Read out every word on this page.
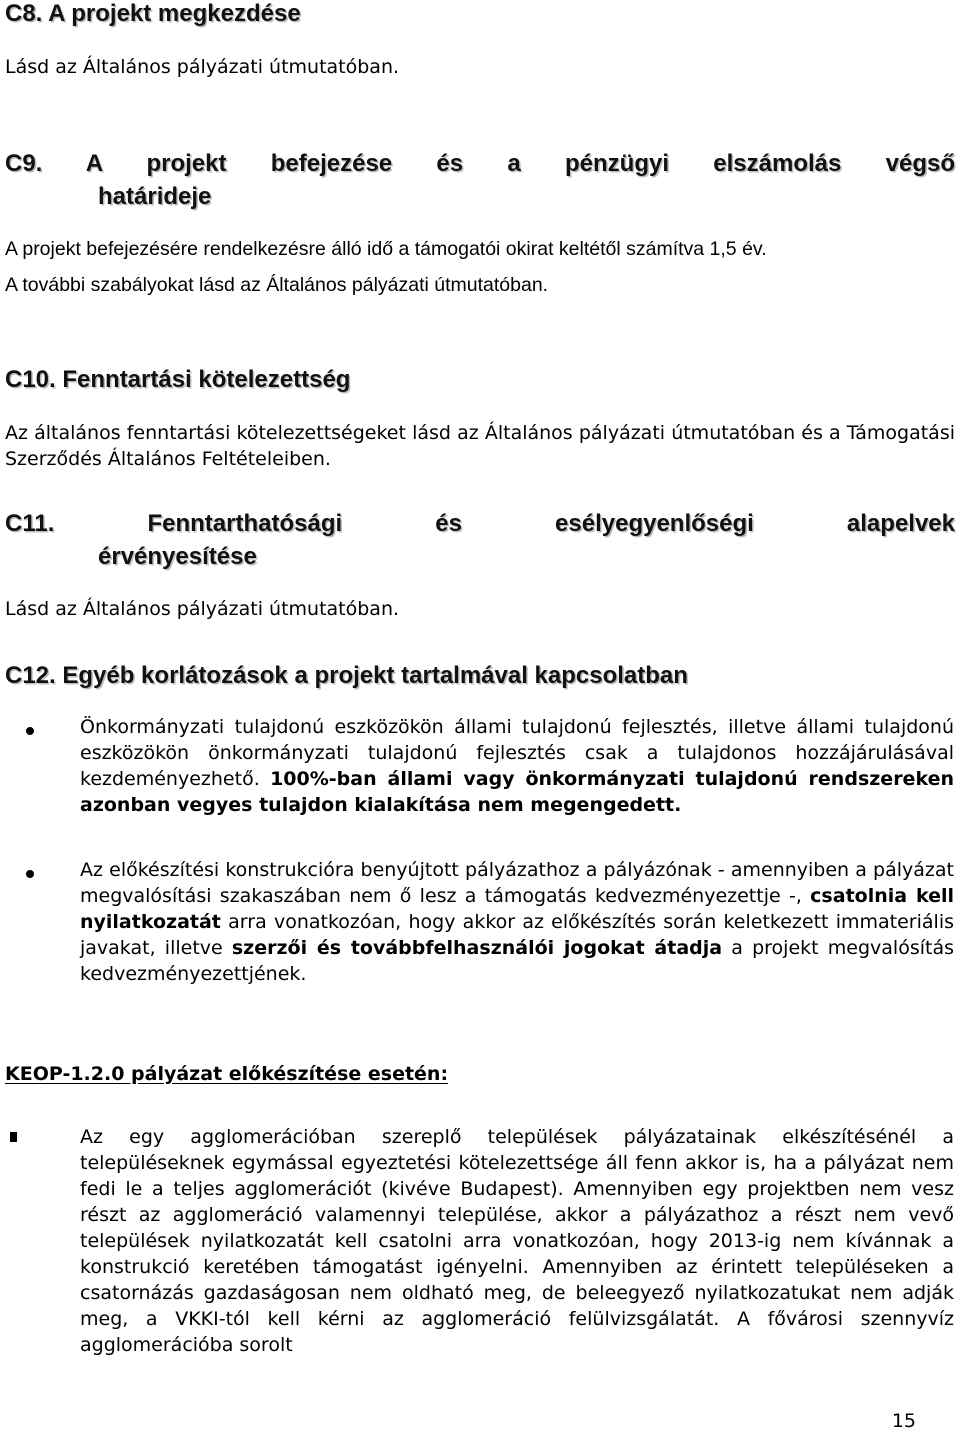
C8. A projekt megkezdése

Lásd az Általános pályázati útmutatóban.

C9. A projekt befejezése és a pénzügyi elszámolás végső
határideje

A projekt befejezésére rendelkezésre álló idő a támogatói okirat keltétől számítva 1,5 év.

A további szabályokat lásd az Általános pályázati útmutatóban.

C10. Fenntartási kötelezettség

Az általános fenntartási kötelezettségeket lásd az Általános pályázati útmutatóban és a Támogatási Szerződés Általános Feltételeiben.

C11. Fenntarthatósági és esélyegyenlőségi alapelvek
érvényesítése

Lásd az Általános pályázati útmutatóban.

C12. Egyéb korlátozások a projekt tartalmával kapcsolatban

Önkormányzati tulajdonú eszközökön állami tulajdonú fejlesztés, illetve állami tulajdonú eszközökön önkormányzati tulajdonú fejlesztés csak a tulajdonos hozzájárulásával kezdeményezhető. 100%-ban állami vagy önkormányzati tulajdonú rendszereken azonban vegyes tulajdon kialakítása nem megengedett.

Az előkészítési konstrukcióra benyújtott pályázathoz a pályázónak - amennyiben a pályázat megvalósítási szakaszában nem ő lesz a támogatás kedvezményezettje -, csatolnia kell nyilatkozatát arra vonatkozóan, hogy akkor az előkészítés során keletkezett immateriális javakat, illetve szerzői és továbbfelhasználói jogokat átadja a projekt megvalósítás kedvezményezettjének.

KEOP-1.2.0 pályázat előkészítése esetén:

Az egy agglomerációban szereplő települések pályázatainak elkészítésénél a településeknek egymással egyeztetési kötelezettsége áll fenn akkor is, ha a pályázat nem fedi le a teljes agglomerációt (kivéve Budapest). Amennyiben egy projektben nem vesz részt az agglomeráció valamennyi települése, akkor a pályázathoz a részt nem vevő települések nyilatkozatát kell csatolni arra vonatkozóan, hogy 2013-ig nem kívánnak a konstrukció keretében támogatást igényelni. Amennyiben az érintett településeken a csatornázás gazdaságosan nem oldható meg, de beleegyező nyilatkozatukat nem adják meg, a VKKI-tól kell kérni az agglomeráció felülvizsgálatát. A fővárosi szennyvíz agglomerációba sorolt

15
